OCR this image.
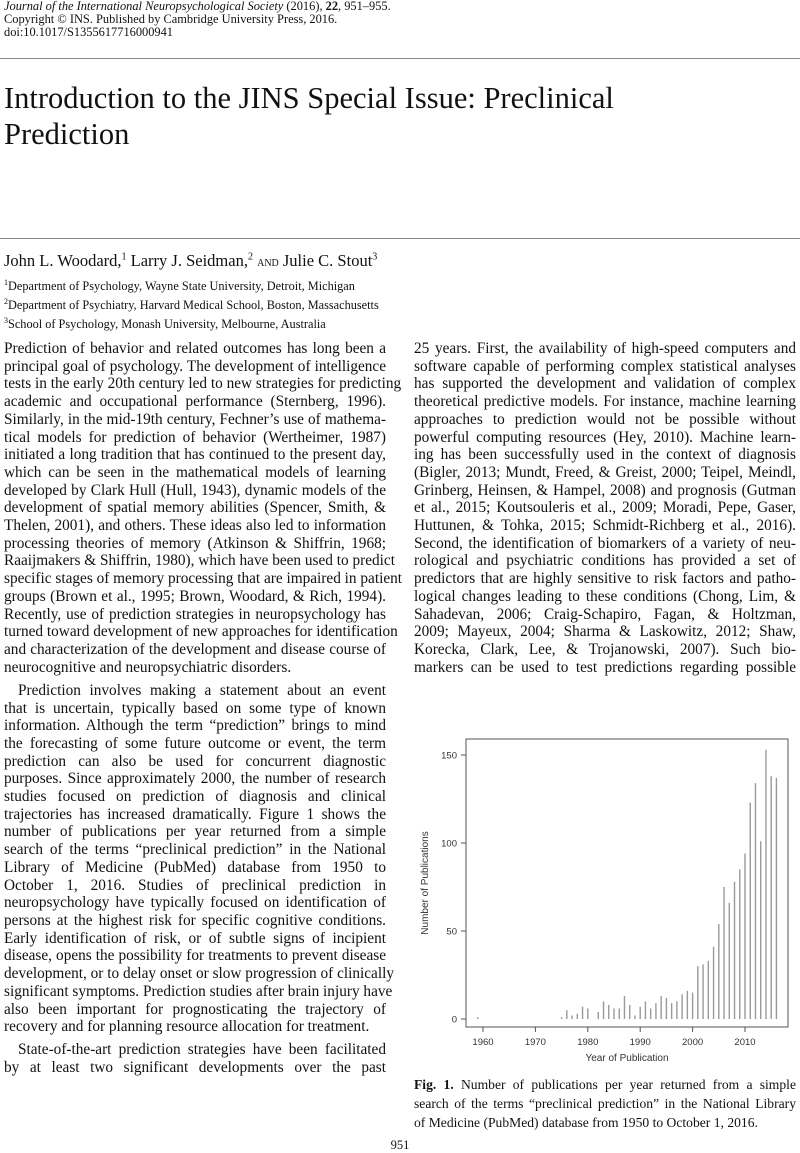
Journal of the International Neuropsychological Society (2016), 22, 951–955.
Copyright © INS. Published by Cambridge University Press, 2016.
doi:10.1017/S1355617716000941
Introduction to the JINS Special Issue: Preclinical
Prediction
John L. Woodard,$^1$ Larry J. Seidman,$^2$ and Julie C. Stout$^3$
$^1$Department of Psychology, Wayne State University, Detroit, Michigan
$^2$Department of Psychiatry, Harvard Medical School, Boston, Massachusetts
$^3$School of Psychology, Monash University, Melbourne, Australia
Prediction of behavior and related outcomes has long been a
principal goal of psychology. The development of intelligence
tests in the early 20th century led to new strategies for predicting
academic and occupational performance (Sternberg, 1996).
Similarly, in the mid-19th century, Fechner’s use of mathema-
tical models for prediction of behavior (Wertheimer, 1987)
initiated a long tradition that has continued to the present day,
which can be seen in the mathematical models of learning
developed by Clark Hull (Hull, 1943), dynamic models of the
development of spatial memory abilities (Spencer, Smith, &
Thelen, 2001), and others. These ideas also led to information
processing theories of memory (Atkinson & Shiffrin, 1968;
Raaijmakers & Shiffrin, 1980), which have been used to predict
specific stages of memory processing that are impaired in patient
groups (Brown et al., 1995; Brown, Woodard, & Rich, 1994).
Recently, use of prediction strategies in neuropsychology has
turned toward development of new approaches for identification
and characterization of the development and disease course of
neurocognitive and neuropsychiatric disorders.
Prediction involves making a statement about an event
that is uncertain, typically based on some type of known
information. Although the term “prediction” brings to mind
the forecasting of some future outcome or event, the term
prediction can also be used for concurrent diagnostic
purposes. Since approximately 2000, the number of research
studies focused on prediction of diagnosis and clinical
trajectories has increased dramatically. Figure 1 shows the
number of publications per year returned from a simple
search of the terms “preclinical prediction” in the National
Library of Medicine (PubMed) database from 1950 to
October 1, 2016. Studies of preclinical prediction in
neuropsychology have typically focused on identification of
persons at the highest risk for specific cognitive conditions.
Early identification of risk, or of subtle signs of incipient
disease, opens the possibility for treatments to prevent disease
development, or to delay onset or slow progression of clinically
significant symptoms. Prediction studies after brain injury have
also been important for prognosticating the trajectory of
recovery and for planning resource allocation for treatment.
State-of-the-art prediction strategies have been facilitated
by at least two significant developments over the past
25 years. First, the availability of high-speed computers and
software capable of performing complex statistical analyses
has supported the development and validation of complex
theoretical predictive models. For instance, machine learning
approaches to prediction would not be possible without
powerful computing resources (Hey, 2010). Machine learn-
ing has been successfully used in the context of diagnosis
(Bigler, 2013; Mundt, Freed, & Greist, 2000; Teipel, Meindl,
Grinberg, Heinsen, & Hampel, 2008) and prognosis (Gutman
et al., 2015; Koutsouleris et al., 2009; Moradi, Pepe, Gaser,
Huttunen, & Tohka, 2015; Schmidt-Richberg et al., 2016).
Second, the identification of biomarkers of a variety of neu-
rological and psychiatric conditions has provided a set of
predictors that are highly sensitive to risk factors and patho-
logical changes leading to these conditions (Chong, Lim, &
Sahadevan, 2006; Craig-Schapiro, Fagan, & Holtzman,
2009; Mayeux, 2004; Sharma & Laskowitz, 2012; Shaw,
Korecka, Clark, Lee, & Trojanowski, 2007). Such bio-
markers can be used to test predictions regarding possible
0
50
100
150
1960	1970	1980	1990	2000	2010
Year of Publication
Number of Publications
Fig. 1. Number of publications per year returned from a simple
search of the terms “preclinical prediction” in the National Library
of Medicine (PubMed) database from 1950 to October 1, 2016.
951
